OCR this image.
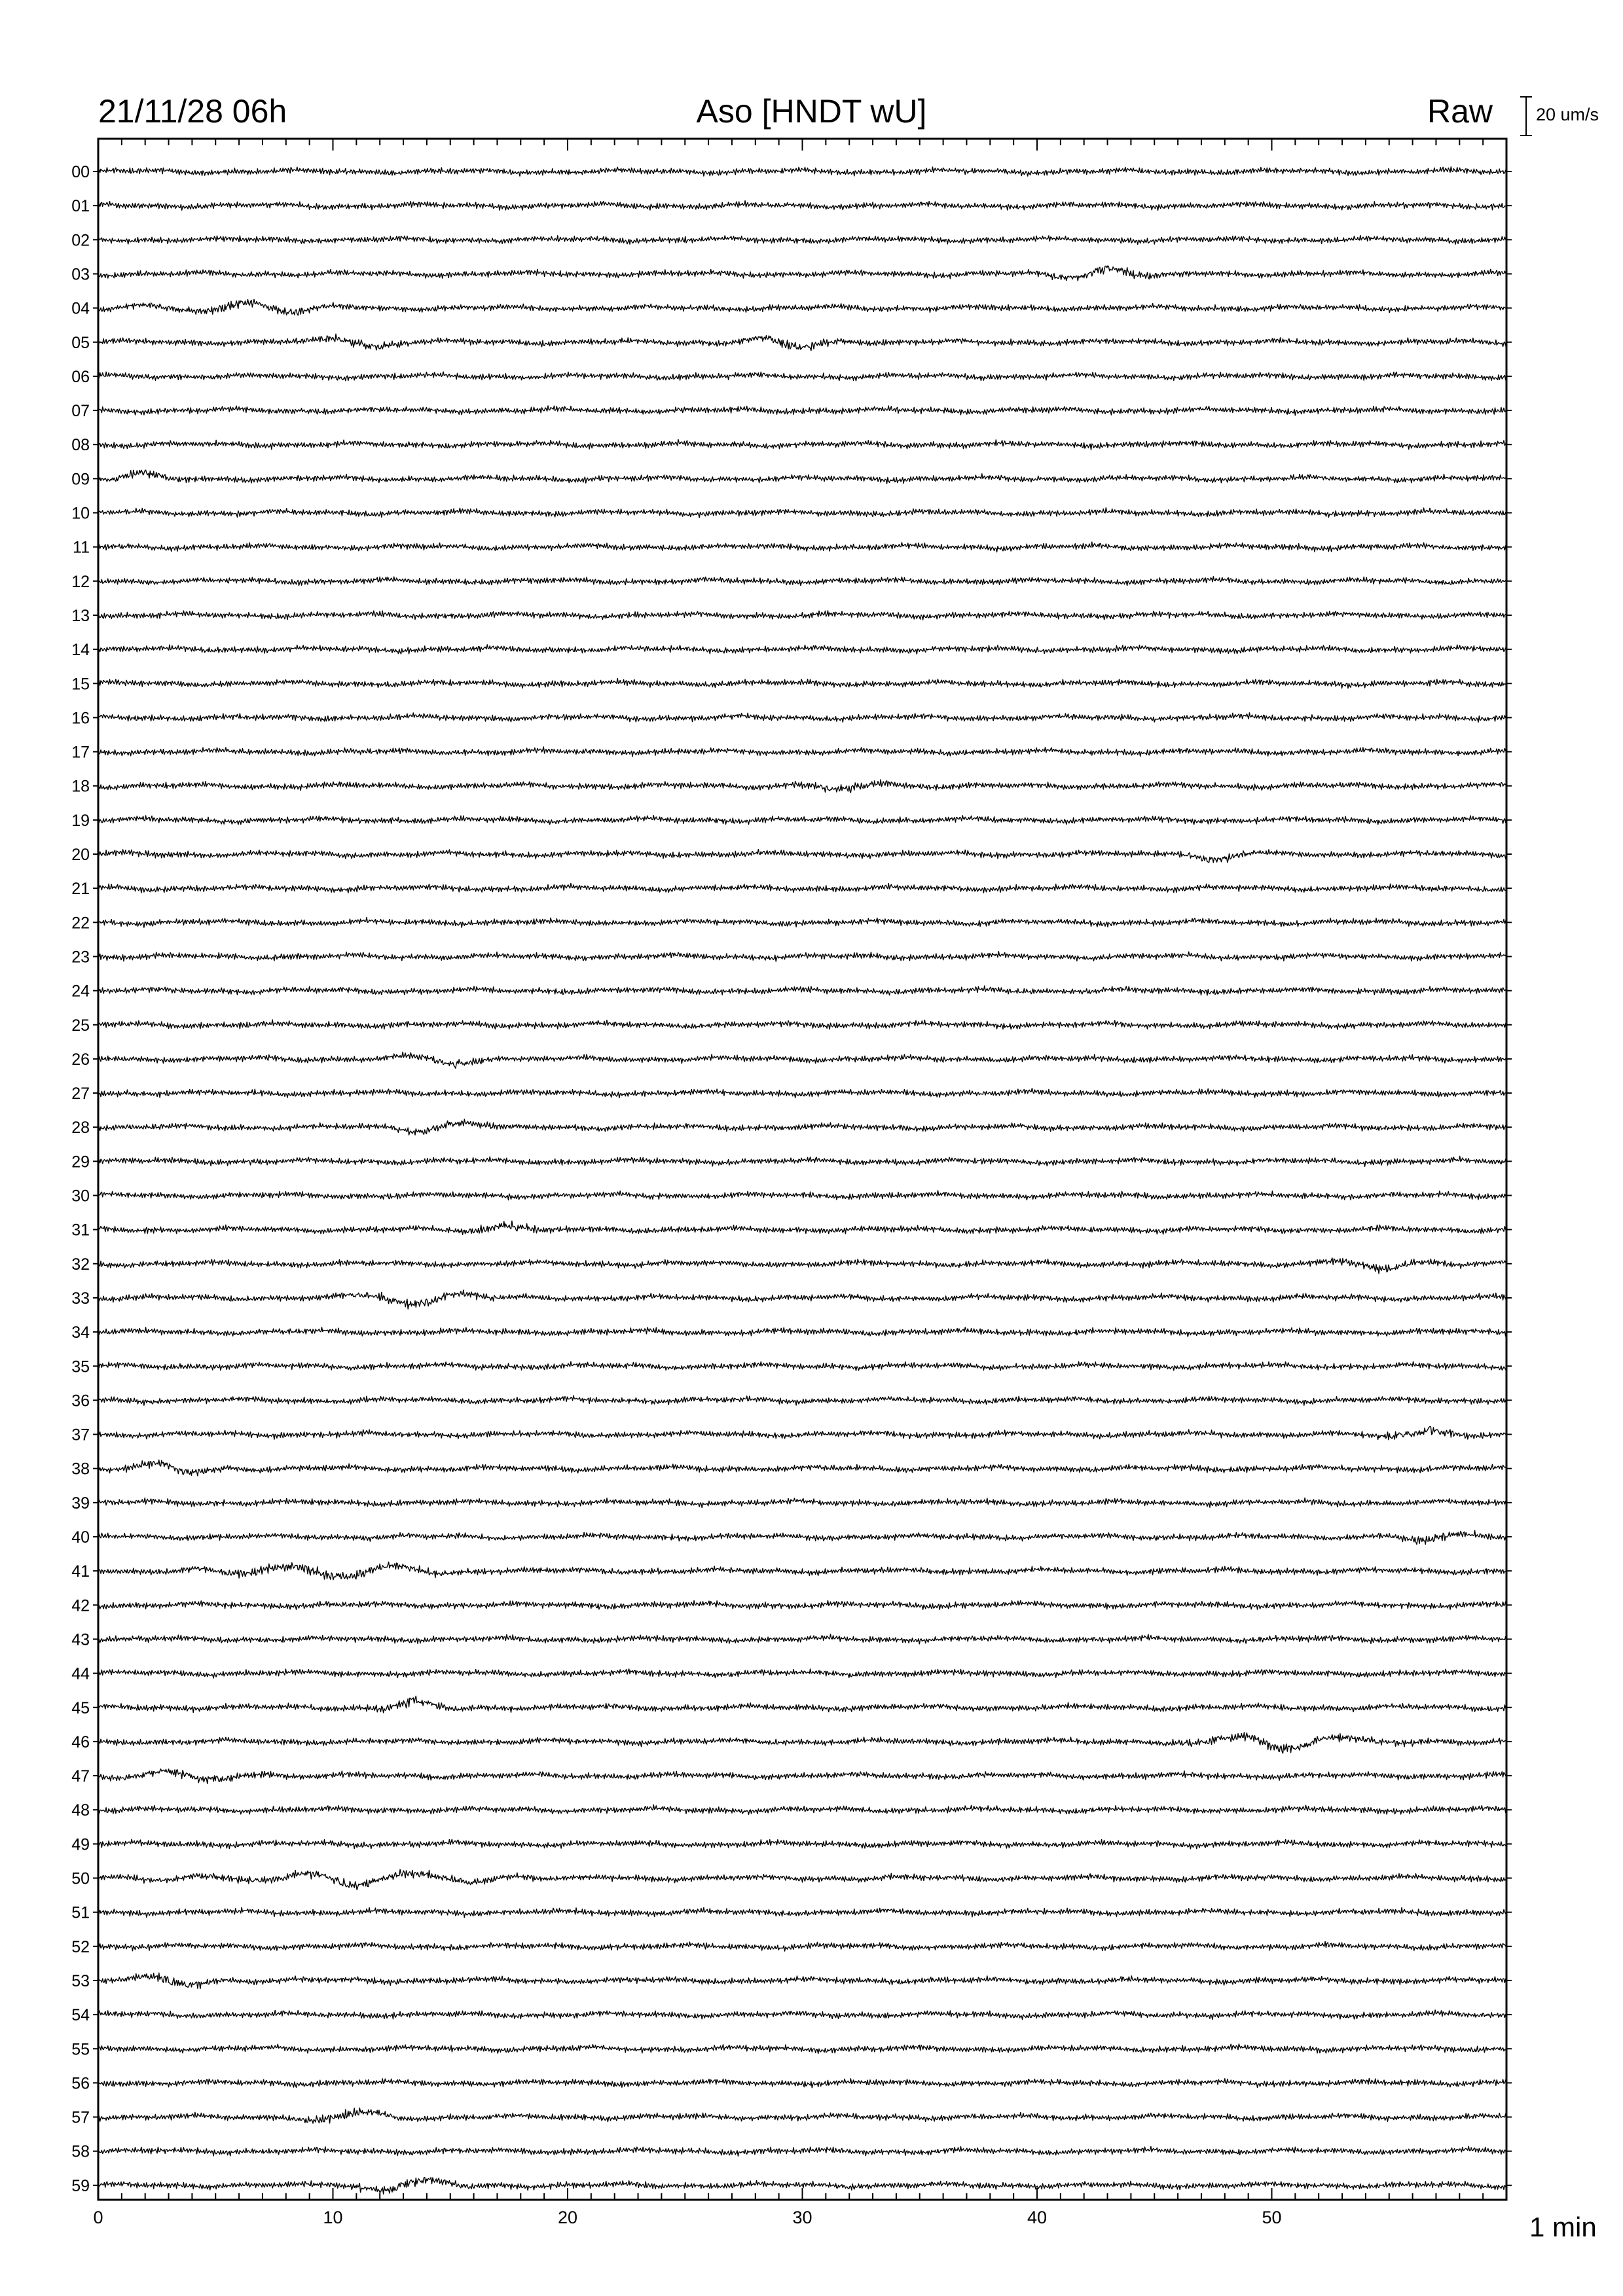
21/11/28 06h	Aso [HNDT wU]	Raw 20 um/s
1 min
00
01
02
03
04
05
06
07
08
09
10
11
12
13
14
15
16
17
18
19
20
21
22
23
24
25
26
27
28
29
30
31
32
33
34
35
36
37
38
39
40
41
42
43
44
45
46
47
48
49
50
51
52
53
54
55
56
57
58
59
0	10	20	30	40	50
